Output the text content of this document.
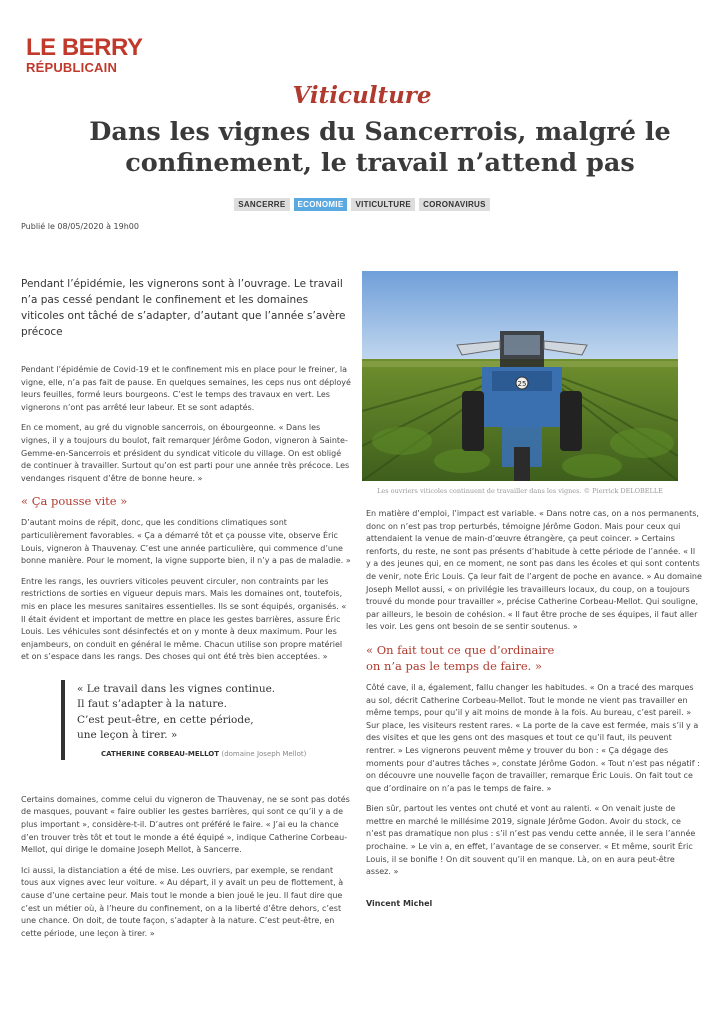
LE BERRY
RÉPUBLICAIN
Viticulture
Dans les vignes du Sancerrois, malgré le confinement, le travail n’attend pas
SANCERRE ECONOMIE VITICULTURE CORONAVIRUS
Publié le 08/05/2020 à 19h00

Pendant l’épidémie, les vignerons sont à l’ouvrage. Le travail n’a pas cessé pendant le confinement et les domaines viticoles ont tâché de s’adapter, d’autant que l’année s’avère précoce

Pendant l’épidémie de Covid-19 et le confinement mis en place pour le freiner, la vigne, elle, n’a pas fait de pause. En quelques semaines, les ceps nus ont déployé leurs feuilles, formé leurs bourgeons. C’est le temps des travaux en vert. Les vignerons n’ont pas arrêté leur labeur. Et se sont adaptés.

En ce moment, au gré du vignoble sancerrois, on ébourgeonne. « Dans les vignes, il y a toujours du boulot, fait remarquer Jérôme Godon, vigneron à Sainte-Gemme-en-Sancerrois et président du syndicat viticole du village. On est obligé de continuer à travailler. Surtout qu’on est parti pour une année très précoce. Les vendanges risquent d’être de bonne heure. »

« Ça pousse vite »

D’autant moins de répit, donc, que les conditions climatiques sont particulièrement favorables. « Ça a démarré tôt et ça pousse vite, observe Éric Louis, vigneron à Thauvenay. C’est une année particulière, qui commence d’une bonne manière. Pour le moment, la vigne supporte bien, il n’y a pas de maladie. »

Entre les rangs, les ouvriers viticoles peuvent circuler, non contraints par les restrictions de sorties en vigueur depuis mars. Mais les domaines ont, toutefois, mis en place les mesures sanitaires essentielles. Ils se sont équipés, organisés. « Il était évident et important de mettre en place les gestes barrières, assure Éric Louis. Les véhicules sont désinfectés et on y monte à deux maximum. Pour les enjambeurs, on conduit en général le même. Chacun utilise son propre matériel et on s’espace dans les rangs. Des choses qui ont été très bien acceptées. »

« Le travail dans les vignes continue.
Il faut s’adapter à la nature.
C’est peut-être, en cette période,
une leçon à tirer. »

CATHERINE CORBEAU-MELLOT (domaine Joseph Mellot)

Certains domaines, comme celui du vigneron de Thauvenay, ne se sont pas dotés de masques, pouvant « faire oublier les gestes barrières, qui sont ce qu’il y a de plus important », considère-t-il. D’autres ont préféré le faire. « J’ai eu la chance d’en trouver très tôt et tout le monde a été équipé », indique Catherine Corbeau-Mellot, qui dirige le domaine Joseph Mellot, à Sancerre.

Ici aussi, la distanciation a été de mise. Les ouvriers, par exemple, se rendant tous aux vignes avec leur voiture. « Au départ, il y avait un peu de flottement, à cause d’une certaine peur. Mais tout le monde a bien joué le jeu. Il faut dire que c’est un métier où, à l’heure du confinement, on a la liberté d’être dehors, c’est une chance. On doit, de toute façon, s’adapter à la nature. C’est peut-être, en cette période, une leçon à tirer. »

25
Les ouvriers viticoles continuent de travailler dans les vignes. © Pierrick DELOBELLE

En matière d’emploi, l’impact est variable. « Dans notre cas, on a nos permanents, donc on n’est pas trop perturbés, témoigne Jérôme Godon. Mais pour ceux qui attendaient la venue de main-d’œuvre étrangère, ça peut coincer. » Certains renforts, du reste, ne sont pas présents d’habitude à cette période de l’année. « Il y a des jeunes qui, en ce moment, ne sont pas dans les écoles et qui sont contents de venir, note Éric Louis. Ça leur fait de l’argent de poche en avance. » Au domaine Joseph Mellot aussi, « on privilégie les travailleurs locaux, du coup, on a toujours trouvé du monde pour travailler », précise Catherine Corbeau-Mellot. Qui souligne, par ailleurs, le besoin de cohésion. « Il faut être proche de ses équipes, il faut aller les voir. Les gens ont besoin de se sentir soutenus. »

« On fait tout ce que d’ordinaire
on n’a pas le temps de faire. »

Côté cave, il a, également, fallu changer les habitudes. « On a tracé des marques au sol, décrit Catherine Corbeau-Mellot. Tout le monde ne vient pas travailler en même temps, pour qu’il y ait moins de monde à la fois. Au bureau, c’est pareil. » Sur place, les visiteurs restent rares. « La porte de la cave est fermée, mais s’il y a des visites et que les gens ont des masques et tout ce qu’il faut, ils peuvent rentrer. » Les vignerons peuvent même y trouver du bon : « Ça dégage des moments pour d’autres tâches », constate Jérôme Godon. « Tout n’est pas négatif : on découvre une nouvelle façon de travailler, remarque Éric Louis. On fait tout ce que d’ordinaire on n’a pas le temps de faire. »

Bien sûr, partout les ventes ont chuté et vont au ralenti. « On venait juste de mettre en marché le millésime 2019, signale Jérôme Godon. Avoir du stock, ce n’est pas dramatique non plus : s’il n’est pas vendu cette année, il le sera l’année prochaine. » Le vin a, en effet, l’avantage de se conserver. « Et même, sourit Éric Louis, il se bonifie ! On dit souvent qu’il en manque. Là, on en aura peut-être assez. »

Vincent Michel
